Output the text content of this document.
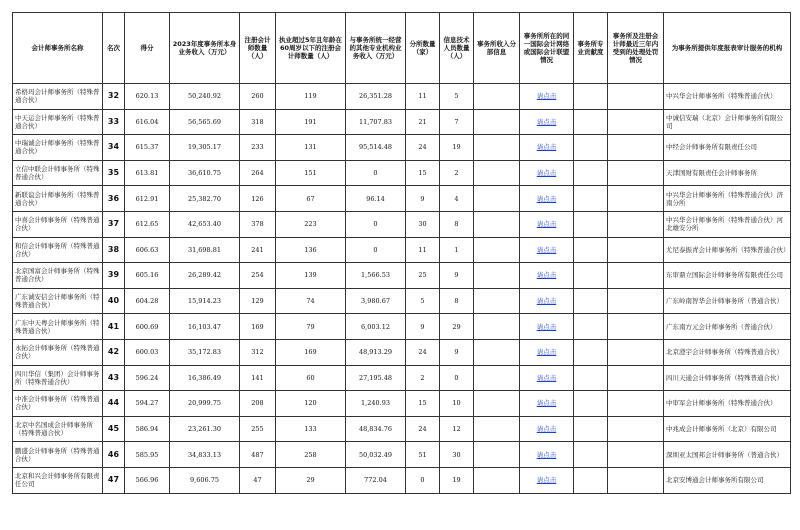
会计师事务所名称	名次	得分	2023年度事务所本身业务收入（万元）	注册会计师数量（人）	执业超过5年且年龄在60周岁以下的注册会计师数量（人）	与事务所统一经营的其他专业机构业务收入（万元）	分所数量（家）	信息技术人员数量（人）	事务所收入分部信息	事务所所在的同一国际会计网络或国际会计联盟情况	事务所专业贡献度	事务所及注册会计师最近三年内受到的处理处罚情况	为事务所提供年度报表审计服务的机构
希格玛会计师事务所（特殊普通合伙）	32	620.13	50,240.92	260	119	26,351.28	11	5		请点击			中兴华会计师事务所（特殊普通合伙）
中天运会计师事务所（特殊普通合伙）	33	616.04	56,565.69	318	191	11,707.83	21	7		请点击			中诚信安瑞（北京）会计师事务所有限公司
中瑞诚会计师事务所（特殊普通合伙）	34	615.37	19,305.17	233	131	95,514.48	24	19		请点击			中经会计师事务所有限责任公司
立信中联会计师事务所（特殊普通合伙）	35	613.81	36,610.75	264	151	0	15	2		请点击			天津国财有限责任会计师事务所
新联谊会计师事务所（特殊普通合伙）	36	612.91	25,382.70	126	67	96.14	9	4		请点击			中兴华会计师事务所（特殊普通合伙）济南分所
中喜会计师事务所（特殊普通合伙）	37	612.65	42,653.40	378	223	0	30	8		请点击			中兴华会计师事务所（特殊普通合伙）河北雄安分所
和信会计师事务所（特殊普通合伙）	38	606.63	31,698.81	241	136	0	11	1		请点击			尤尼泰振青会计师事务所（特殊普通合伙）
北京国富会计师事务所（特殊普通合伙）	39	605.16	26,289.42	254	139	1,566.53	25	9		请点击			东审鼎立国际会计师事务所有限责任公司
广东诚安信会计师事务所（特殊普通合伙）	40	604.28	15,914.23	129	74	3,980.67	5	8		请点击			广东岭南智华会计师事务所（普通合伙）
广东中天粤会计师事务所（特殊普通合伙）	41	600.69	16,103.47	169	79	6,003.12	9	29		请点击			广东南方元会计师事务所（普通合伙）
永拓会计师事务所（特殊普通合伙）	42	600.03	35,172.83	312	169	48,913.29	24	9		请点击			北京澄宇会计师事务所（特殊普通合伙）
四川华信（集团）会计师事务所（特殊普通合伙）	43	596.24	16,386.49	141	60	27,195.48	2	0		请点击			四川天通会计师事务所（特殊普通合伙）
中准会计师事务所（特殊普通合伙）	44	594.27	20,999.75	208	120	1,240.93	15	10		请点击			中审军会计师事务所（特殊普通合伙）
北京中名国成会计师事务所（特殊普通合伙）	45	586.94	23,261.30	255	133	48,834.76	24	12		请点击			中兆成会计师事务所（北京）有限公司
鹏盛会计师事务所（特殊普通合伙）	46	585.95	34,833.13	487	258	50,032.49	51	30		请点击			深圳亚太国邦会计师事务所（普通合伙）
北京和兴会计师事务所有限责任公司	47	566.96	9,606.75	47	29	772.04	0	19		请点击			北京安博通会计师事务所有限公司
